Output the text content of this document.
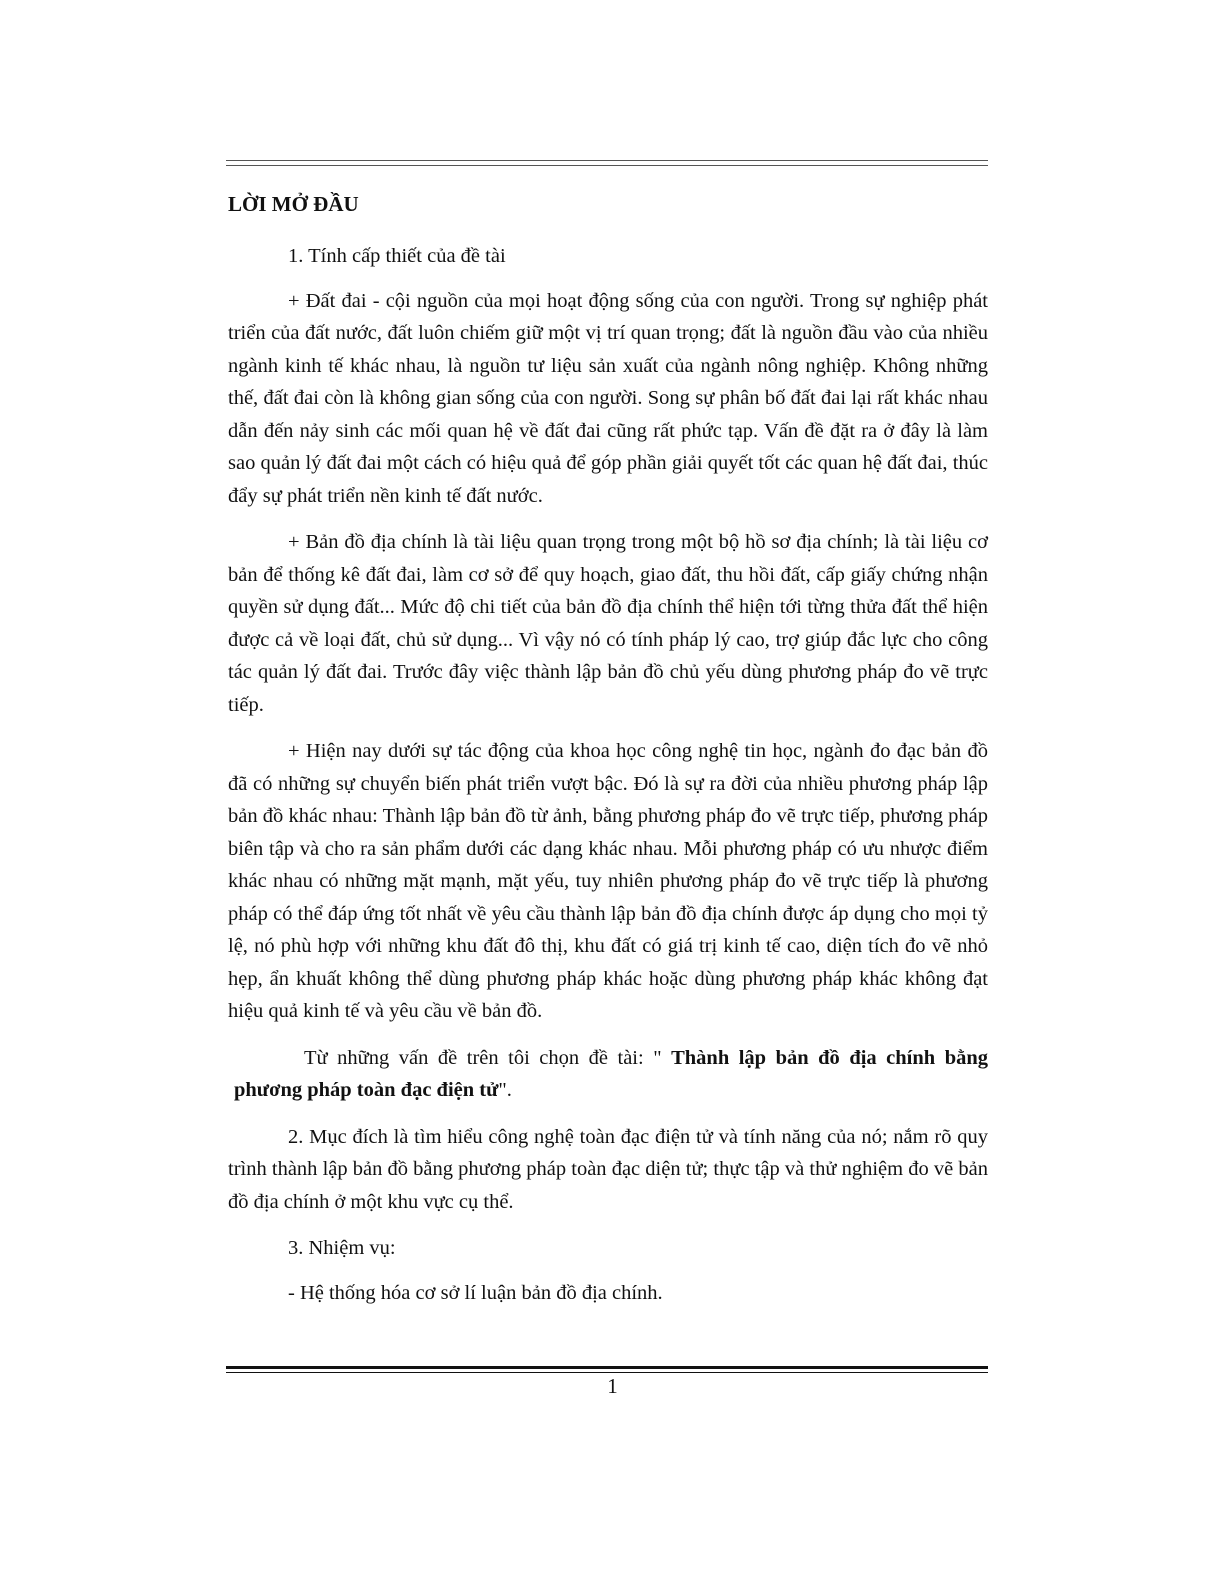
LỜI MỞ ĐẦU

1. Tính cấp thiết của đề tài

+ Đất đai - cội nguồn của mọi hoạt động sống của con người. Trong sự nghiệp phát triển của đất nước, đất luôn chiếm giữ một vị trí quan trọng; đất là nguồn đầu vào của nhiều ngành kinh tế khác nhau, là nguồn tư liệu sản xuất của ngành nông nghiệp. Không những thế, đất đai còn là không gian sống của con người. Song sự phân bố đất đai lại rất khác nhau dẫn đến nảy sinh các mối quan hệ về đất đai cũng rất phức tạp. Vấn đề đặt ra ở đây là làm sao quản lý đất đai một cách có hiệu quả để góp phần giải quyết tốt các quan hệ đất đai, thúc đẩy sự phát triển nền kinh tế đất nước.

+ Bản đồ địa chính là tài liệu quan trọng trong một bộ hồ sơ địa chính; là tài liệu cơ bản để thống kê đất đai, làm cơ sở để quy hoạch, giao đất, thu hồi đất, cấp giấy chứng nhận quyền sử dụng đất... Mức độ chi tiết của bản đồ địa chính thể hiện tới từng thửa đất thể hiện được cả về loại đất, chủ sử dụng... Vì vậy nó có tính pháp lý cao, trợ giúp đắc lực cho công tác quản lý đất đai. Trước đây việc thành lập bản đồ chủ yếu dùng phương pháp đo vẽ trực tiếp.

+ Hiện nay dưới sự tác động của khoa học công nghệ tin học, ngành đo đạc bản đồ đã có những sự chuyển biến phát triển vượt bậc. Đó là sự ra đời của nhiều phương pháp lập bản đồ khác nhau: Thành lập bản đồ từ ảnh, bằng phương pháp đo vẽ trực tiếp, phương pháp biên tập và cho ra sản phẩm dưới các dạng khác nhau. Mỗi phương pháp có ưu nhược điểm khác nhau có những mặt mạnh, mặt yếu, tuy nhiên phương pháp đo vẽ trực tiếp là phương pháp có thể đáp ứng tốt nhất về yêu cầu thành lập bản đồ địa chính được áp dụng cho mọi tỷ lệ, nó phù hợp với những khu đất đô thị, khu đất có giá trị kinh tế cao, diện tích đo vẽ nhỏ hẹp, ẩn khuất không thể dùng phương pháp khác hoặc dùng phương pháp khác không đạt hiệu quả kinh tế và yêu cầu về bản đồ.

Từ những vấn đề trên tôi chọn đề tài: " Thành lập bản đồ địa chính bằng phương pháp toàn đạc điện tử".

2. Mục đích là tìm hiểu công nghệ toàn đạc điện tử và tính năng của nó; nắm rõ quy trình thành lập bản đồ bằng phương pháp toàn đạc diện tử; thực tập và thử nghiệm đo vẽ bản đồ địa chính ở một khu vực cụ thể.

3. Nhiệm vụ:

- Hệ thống hóa cơ sở lí luận bản đồ địa chính.

1
